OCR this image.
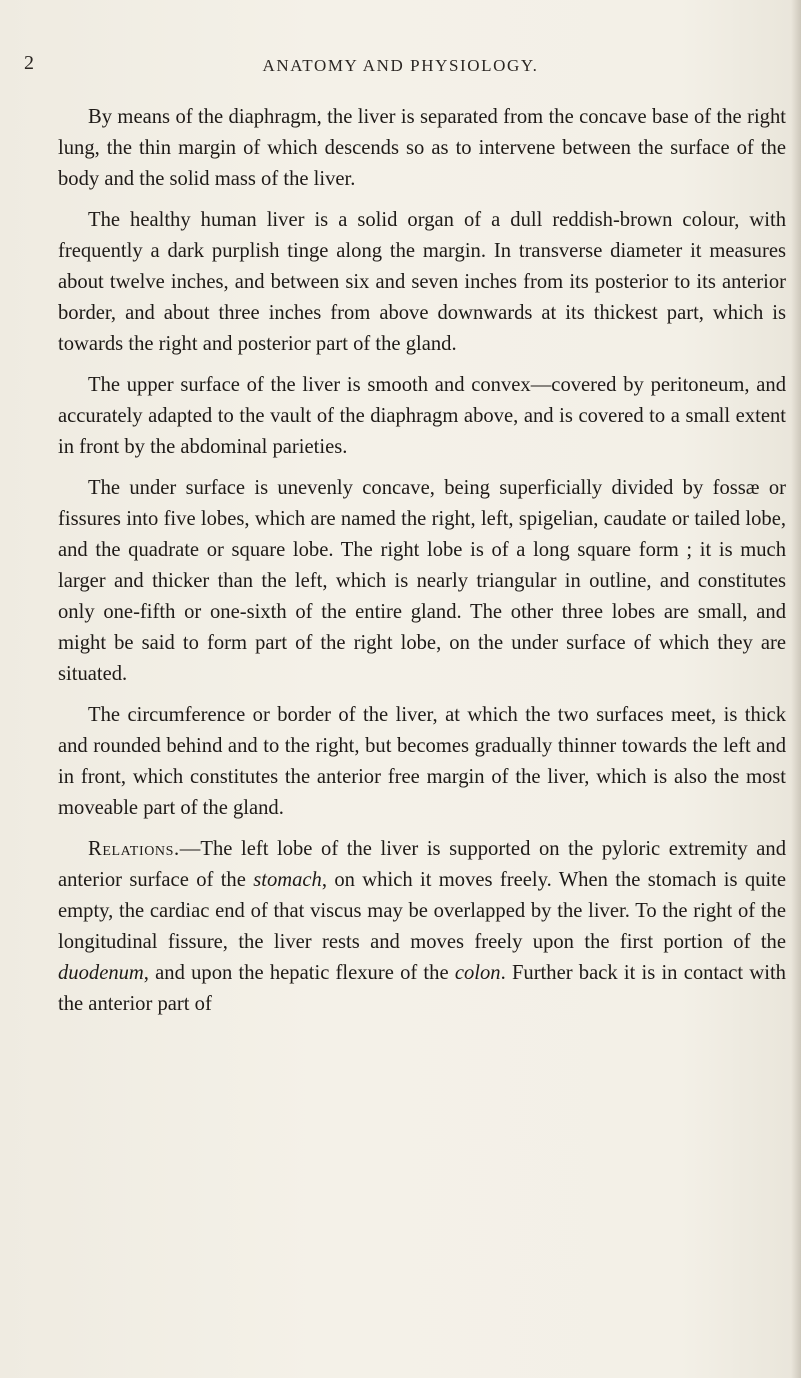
2	ANATOMY AND PHYSIOLOGY.

By means of the diaphragm, the liver is separated from the concave base of the right lung, the thin margin of which descends so as to intervene between the surface of the body and the solid mass of the liver.

The healthy human liver is a solid organ of a dull reddish-brown colour, with frequently a dark purplish tinge along the margin. In transverse diameter it measures about twelve inches, and between six and seven inches from its posterior to its anterior border, and about three inches from above downwards at its thickest part, which is towards the right and posterior part of the gland.

The upper surface of the liver is smooth and convex—covered by peritoneum, and accurately adapted to the vault of the diaphragm above, and is covered to a small extent in front by the abdominal parieties.

The under surface is unevenly concave, being superficially divided by fossæ or fissures into five lobes, which are named the right, left, spigelian, caudate or tailed lobe, and the quadrate or square lobe. The right lobe is of a long square form ; it is much larger and thicker than the left, which is nearly triangular in outline, and constitutes only one-fifth or one-sixth of the entire gland. The other three lobes are small, and might be said to form part of the right lobe, on the under surface of which they are situated.

The circumference or border of the liver, at which the two surfaces meet, is thick and rounded behind and to the right, but becomes gradually thinner towards the left and in front, which constitutes the anterior free margin of the liver, which is also the most moveable part of the gland.

Relations.—The left lobe of the liver is supported on the pyloric extremity and anterior surface of the stomach, on which it moves freely. When the stomach is quite empty, the cardiac end of that viscus may be overlapped by the liver. To the right of the longitudinal fissure, the liver rests and moves freely upon the first portion of the duodenum, and upon the hepatic flexure of the colon. Further back it is in contact with the anterior part of
